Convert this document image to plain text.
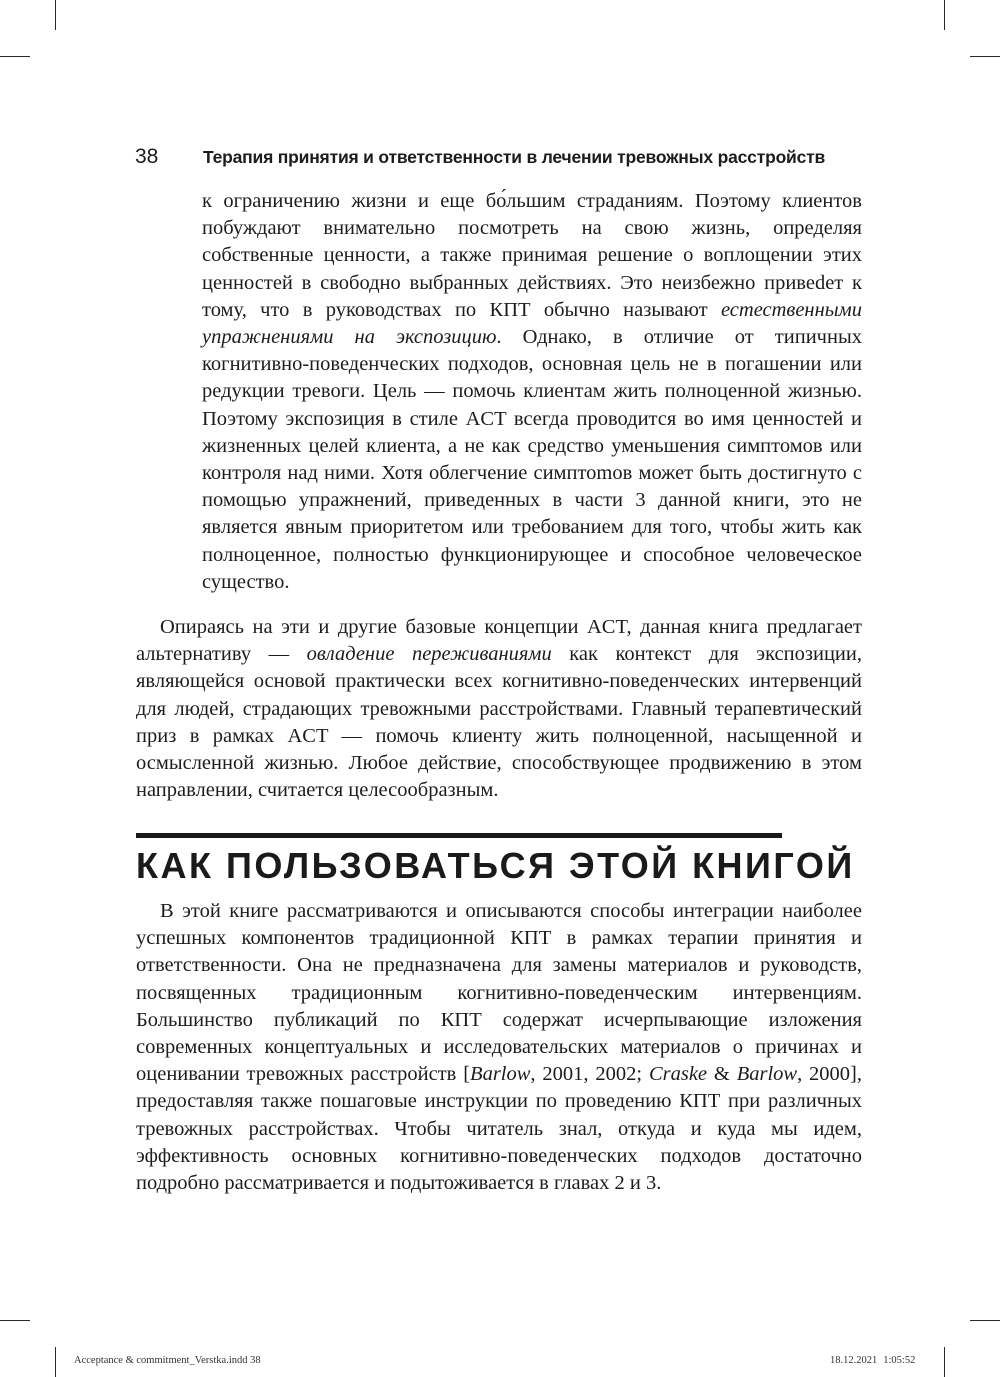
38	Терапия принятия и ответственности в лечении тревожных расстройств

к ограничению жизни и еще бо́льшим страданиям. Поэтому клиентов побуждают внимательно посмотреть на свою жизнь, определяя собственные ценности, а также принимая решение о воплощении этих ценностей в свободно выбранных действиях. Это неизбежно привеdет к тому, что в руководствах по КПТ обычно называют естественными упражнениями на экспозицию. Однако, в отличие от типичных когнитивно-поведенческих подходов, основная цель не в погашении или редукции тревоги. Цель — помочь клиентам жить полноценной жизнью. Поэтому экспозиция в стиле ACT всегда проводится во имя ценностей и жизненных целей клиента, а не как средство уменьшения симптомов или контроля над ними. Хотя облегчение симптоmов может быть достигнуто с помощью упражнений, приведенных в части 3 данной книги, это не является явным приоритетом или требованием для того, чтобы жить как полноценное, полностью функционирующее и способное человеческое существо.

Опираясь на эти и другие базовые концепции ACT, данная книга предлагает альтернативу — овладение переживаниями как контекст для экспозиции, являющейся основой практически всех когнитивно-поведенческих интервенций для людей, страдающих тревожными расстройствами. Главный терапевтический приз в рамках ACT — помочь клиенту жить полноценной, насыщенной и осмысленной жизнью. Любое действие, способствующее продвижению в этом направлении, считается целесообразным.

КАК ПОЛЬЗОВАТЬСЯ ЭТОЙ КНИГОЙ

В этой книге рассматриваются и описываются способы интеграции наиболее успешных компонентов традиционной КПТ в рамках терапии принятия и ответственности. Она не предназначена для замены материалов и руководств, посвященных традиционным когнитивно-поведенческим интервенциям. Большинство публикаций по КПТ содержат исчерпывающие изложения современных концептуальных и исследовательских материалов о причинах и оценивании тревожных расстройств [Barlow, 2001, 2002; Craske & Barlow, 2000], предоставляя также пошаговые инструкции по проведению КПТ при различных тревожных расстройствах. Чтобы читатель знал, откуда и куда мы идем, эффективность основных когнитивно-поведенческих подходов достаточно подробно рассматривается и подытоживается в главах 2 и 3.

Acceptance & commitment_Verstka.indd 38	18.12.2021 1:05:52
